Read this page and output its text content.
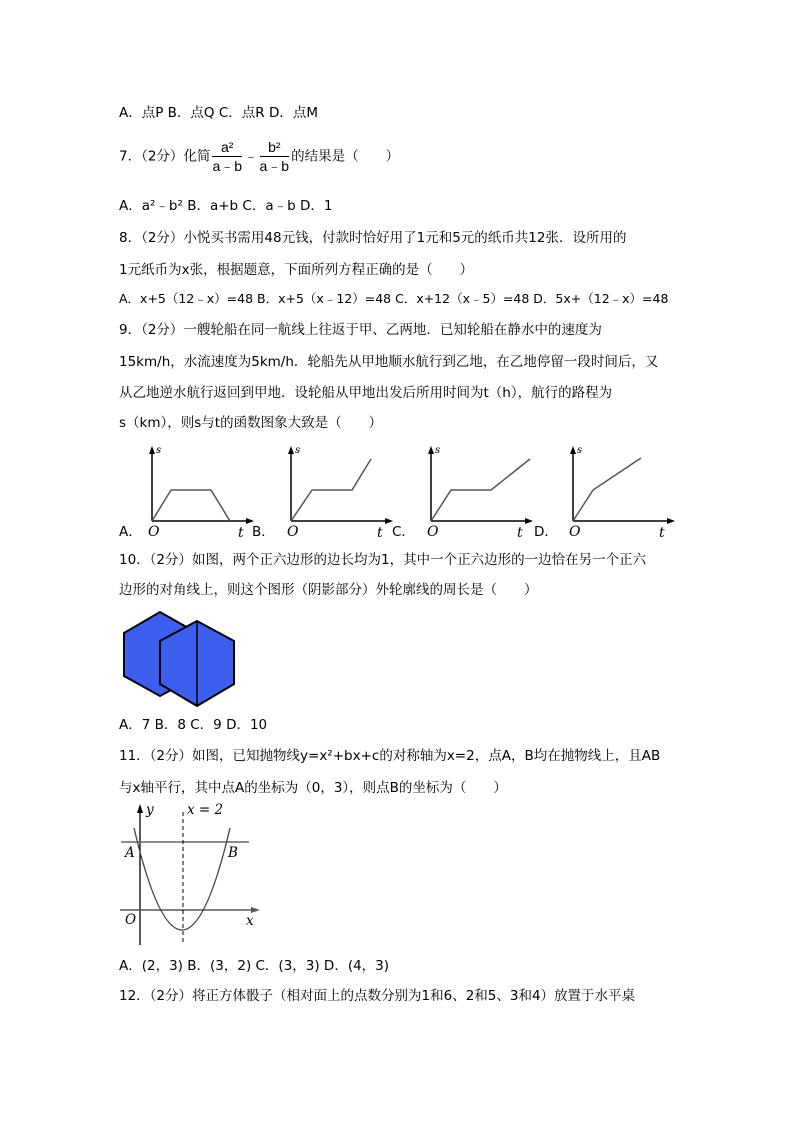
A．点P B．点Q C．点R D．点M
7．（2分）化简 $\frac{\text{a²}}{a﹣b}$ ﹣ $\frac{\text{b²}}{a﹣b}$ 的结果是（　　）
A．a²﹣b² B．a+b C．a﹣b D．1
8．（2分）小悦买书需用48元钱，付款时恰好用了1元和5元的纸币共12张．设所用的
1元纸币为x张，根据题意，下面所列方程正确的是（　　）
A．x+5（12﹣x）=48 B．x+5（x﹣12）=48 C．x+12（x﹣5）=48 D．5x+（12﹣x）=48
9．（2分）一艘轮船在同一航线上往返于甲、乙两地．已知轮船在静水中的速度为
15km/h，水流速度为5km/h．轮船先从甲地顺水航行到乙地，在乙地停留一段时间后，又
从乙地逆水航行返回到甲地．设轮船从甲地出发后所用时间为t（h），航行的路程为
s（km），则s与t的函数图象大致是（　　）
A．
s
O	t B．
s
O	t C．
s
O	t D．
s
O	t
10．（2分）如图，两个正六边形的边长均为1，其中一个正六边形的一边恰在另一个正六
边形的对角线上，则这个图形（阴影部分）外轮廓线的周长是（　　）
A．7 B．8 C．9 D．10
11．（2分）如图，已知抛物线y=x²+bx+c的对称轴为x=2，点A，B均在抛物线上，且AB
与x轴平行，其中点A的坐标为（0，3），则点B的坐标为（　　）
y x = 2
A	B
O	x
A．(2，3) B．(3，2) C．(3，3) D．(4，3)
12．（2分）将正方体骰子（相对面上的点数分别为1和6、2和5、3和4）放置于水平桌
